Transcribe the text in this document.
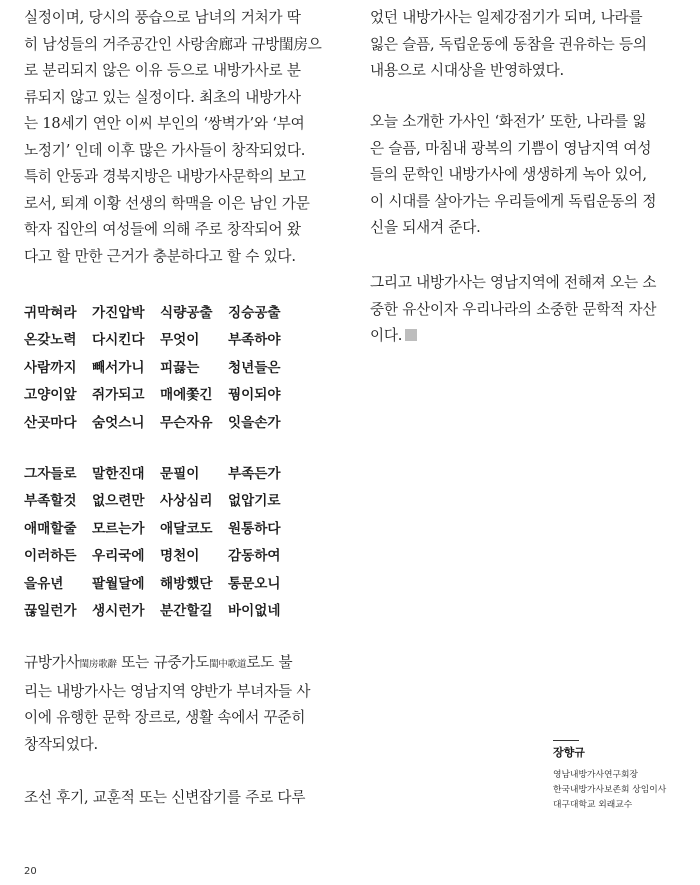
실정이며, 당시의 풍습으로 남녀의 거처가 딱
히 남성들의 거주공간인 사랑舍廊과 규방閨房으
로 분리되지 않은 이유 등으로 내방가사로 분
류되지 않고 있는 실정이다. 최초의 내방가사
는 18세기 연안 이씨 부인의 ‘쌍벽가’와 ‘부여
노정기’ 인데 이후 많은 가사들이 창작되었다.
특히 안동과 경북지방은 내방가사문학의 보고
로서, 퇴계 이황 선생의 학맥을 이은 남인 가문
학자 집안의 여성들에 의해 주로 창작되어 왔
다고 할 만한 근거가 충분하다고 할 수 있다.

귀막혀라	가진압박	식량공출	징승공출
온갖노력	다시킨다	무엇이	부족하야
사람까지	빼서가니	피끓는	청년들은
고양이앞	쥐가되고	매에쫓긴	꿩이되야
산곳마다	숨엇스니	무슨자유	잇을손가
그자들로	말한진대	문필이	부족든가
부족할것	없으련만	사상심리	없압기로
애매할줄	모르는가	애달코도	원통하다
이러하든	우리국에	명천이	감동하여
을유년	팔월달에	해방했단	통문오니
끊일런가	생시런가	분간할길	바이없네

규방가사閨房歌辭 또는 규중가도閨中歌道로도 불
리는 내방가사는 영남지역 양반가 부녀자들 사
이에 유행한 문학 장르로, 생활 속에서 꾸준히
창작되었다.

조선 후기, 교훈적 또는 신변잡기를 주로 다루

었던 내방가사는 일제강점기가 되며, 나라를
잃은 슬픔, 독립운동에 동참을 권유하는 등의
내용으로 시대상을 반영하였다.

오늘 소개한 가사인 ‘화전가’ 또한, 나라를 잃
은 슬픔, 마침내 광복의 기쁨이 영남지역 여성
들의 문학인 내방가사에 생생하게 녹아 있어,
이 시대를 살아가는 우리들에게 독립운동의 정
신을 되새겨 준다.

그리고 내방가사는 영남지역에 전해져 오는 소
중한 유산이자 우리나라의 소중한 문학적 자산
이다.

장향규
영남내방가사연구회장
한국내방가사보존회 상임이사
대구대학교 외래교수
20
